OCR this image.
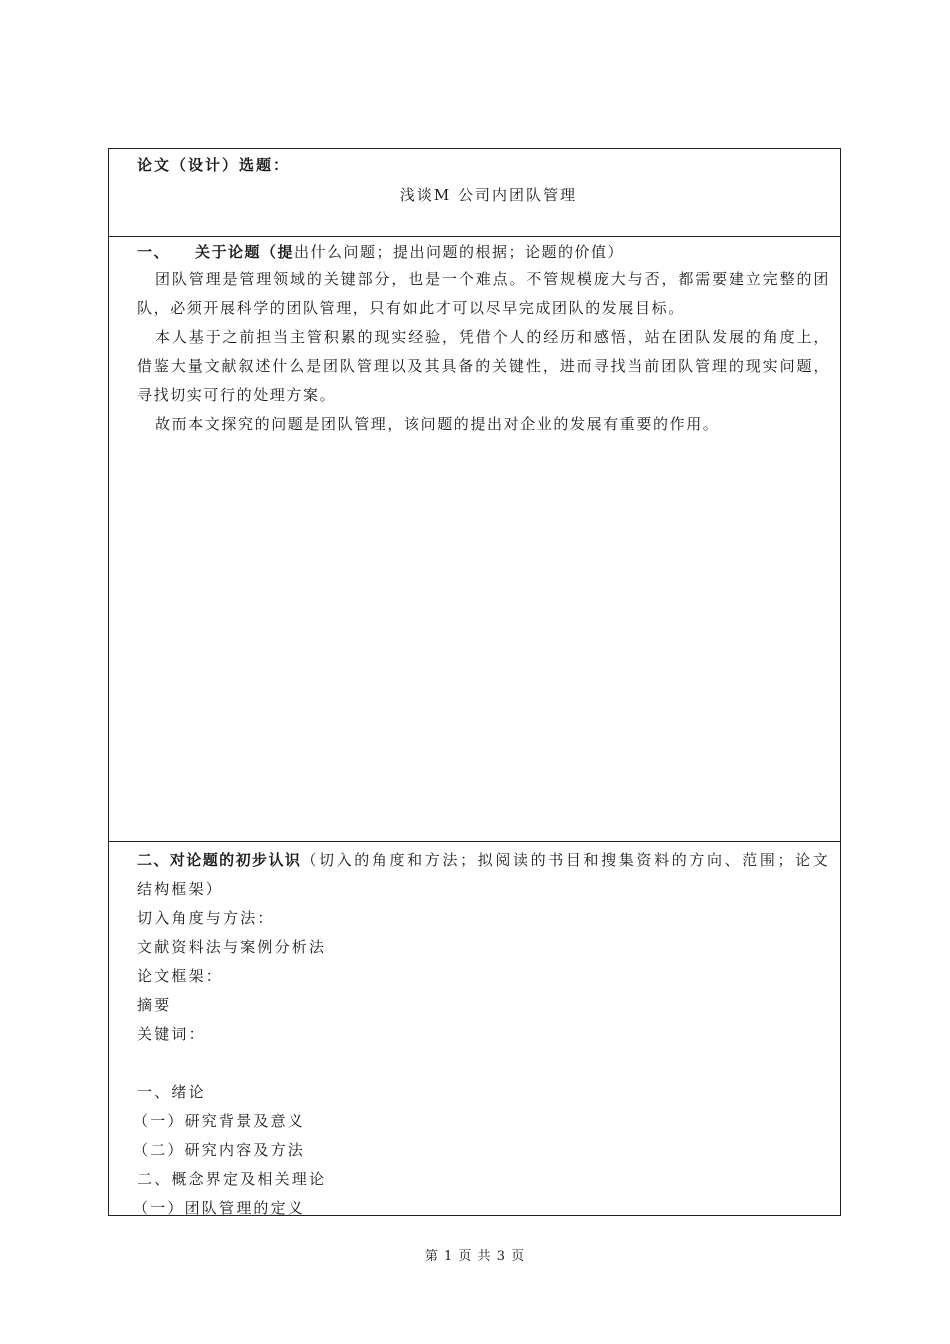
论文（设计）选题：
浅谈M 公司内团队管理
一、 关于论题（提出什么问题；提出问题的根据；论题的价值）

团队管理是管理领域的关键部分，也是一个难点。不管规模庞大与否，都需要建立完整的团队，必须开展科学的团队管理，只有如此才可以尽早完成团队的发展目标。

本人基于之前担当主管积累的现实经验，凭借个人的经历和感悟，站在团队发展的角度上，借鉴大量文献叙述什么是团队管理以及其具备的关键性，进而寻找当前团队管理的现实问题，寻找切实可行的处理方案。

故而本文探究的问题是团队管理，该问题的提出对企业的发展有重要的作用。

二、对论题的初步认识（切入的角度和方法；拟阅读的书目和搜集资料的方向、范围；论文结构框架）
切入角度与方法：
文献资料法与案例分析法
论文框架：
摘要
关键词：
一、绪论
（一）研究背景及意义
（二）研究内容及方法
二、概念界定及相关理论
（一）团队管理的定义
第 1 页 共 3 页
